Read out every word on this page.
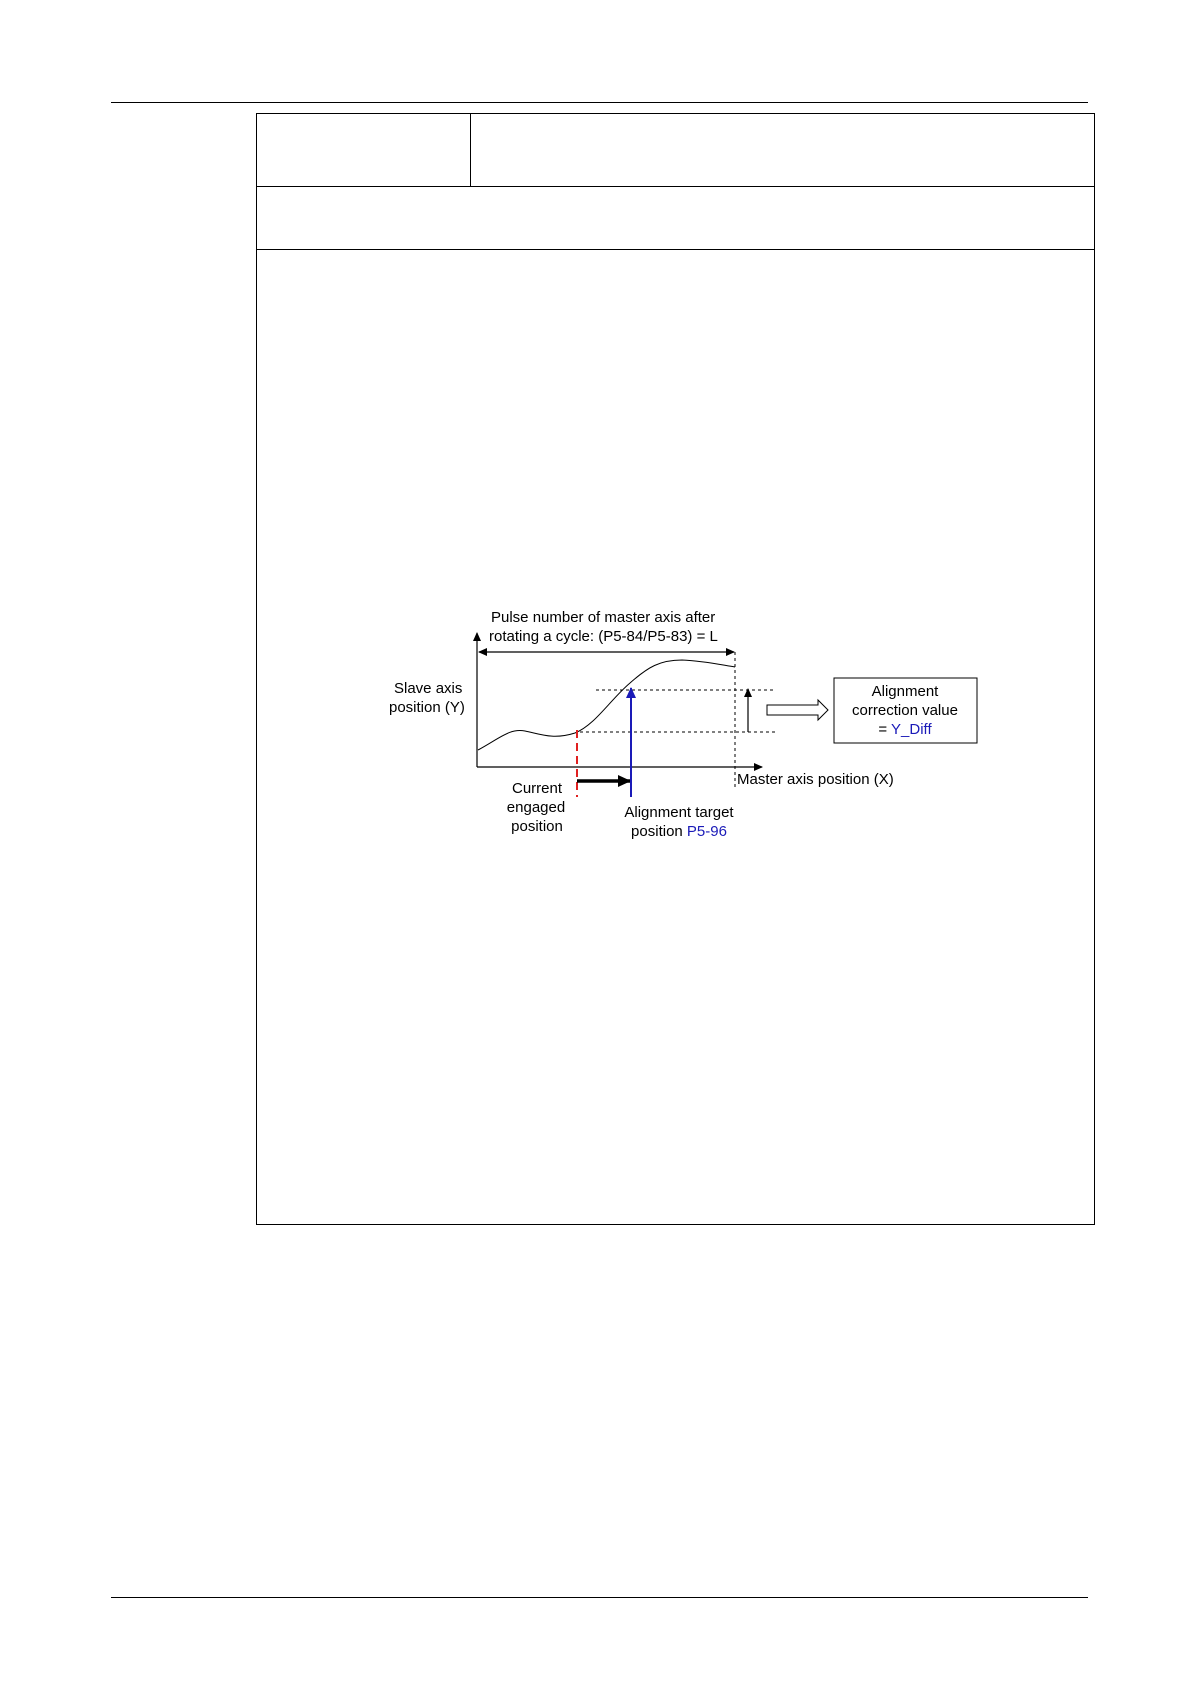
Pulse number of master axis after
rotating a cycle: (P5-84/P5-83) = L
Slave axis
position (Y)
Master axis position (X)
Current
engaged
position
Alignment target
position P5-96
Alignment
correction value
= Y_Diff
